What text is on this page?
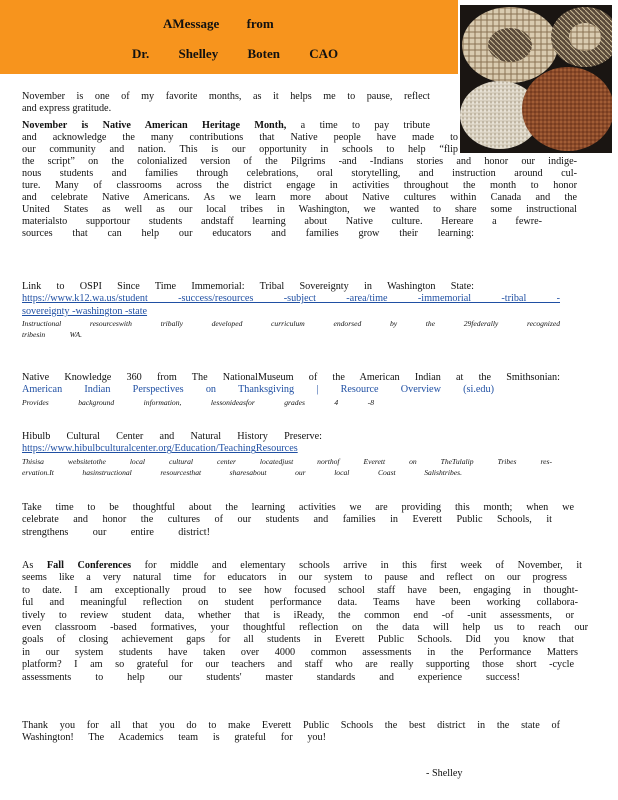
AMessage from
Dr. Shelley Boten CAO

November is one of my favorite months, as it helps me to pause, reflect

and express gratitude.

November is Native American Heritage Month, a time to pay tribute

and acknowledge the many contributions that Native people have made to

our community and nation. This is our opportunity in schools to help “flip

the script” on the colonialized version of the Pilgrims -and -Indians stories and honor our indige-

nous students and families through celebrations, oral storytelling, and instruction around cul-

ture. Many of classrooms across the district engage in activities throughout the month to honor

and celebrate Native Americans. As we learn more about Native cultures within Canada and the

United States as well as our local tribes in Washington, we wanted to share some instructional

materialsto supportour students andstaff learning about Native culture. Hereare a fewre-

sources that can help our educators and families grow their learning:

Link to OSPI Since Time Immemorial: Tribal Sovereignty in Washington State:

https://www.k12.wa.us/student -success/resources -subject -area/time -immemorial -tribal -

sovereignty -washington -state

Instructional resourceswith tribally developed curriculum endorsed by the 29federally recognized

tribesin WA.

Native Knowledge 360 from The NationalMuseum of the American Indian at the Smithsonian:

American Indian Perspectives on Thanksgiving | Resource Overview (si.edu)

Provides background information, lessonideasfor grades 4 -8

Hibulb Cultural Center and Natural History Preserve:

https://www.hibulbculturalcenter.org/Education/TeachingResources

Thisisa websitetothe local cultural center locatedjust northof Everett on TheTulalip Tribes res-

ervation.It hasinstructional resourcesthat sharesabout our local Coast Salishtribes.

Take time to be thoughtful about the learning activities we are providing this month; when we

celebrate and honor the cultures of our students and families in Everett Public Schools, it

strengthens our entire district!

As Fall Conferences for middle and elementary schools arrive in this first week of November, it

seems like a very natural time for educators in our system to pause and reflect on our progress

to date. I am exceptionally proud to see how focused school staff have been, engaging in thought-

ful and meaningful reflection on student performance data. Teams have been working collabora-

tively to review student data, whether that is iReady, the common end -of -unit assessments, or

even classroom -based formatives, your thoughtful reflection on the data will help us to reach our

goals of closing achievement gaps for all students in Everett Public Schools. Did you know that

in our system students have taken over 4000 common assessments in the Performance Matters

platform? I am so grateful for our teachers and staff who are really supporting those short -cycle

assessments to help our students' master standards and experience success!

Thank you for all that you do to make Everett Public Schools the best district in the state of

Washington! The Academics team is grateful for you!

- Shelley
